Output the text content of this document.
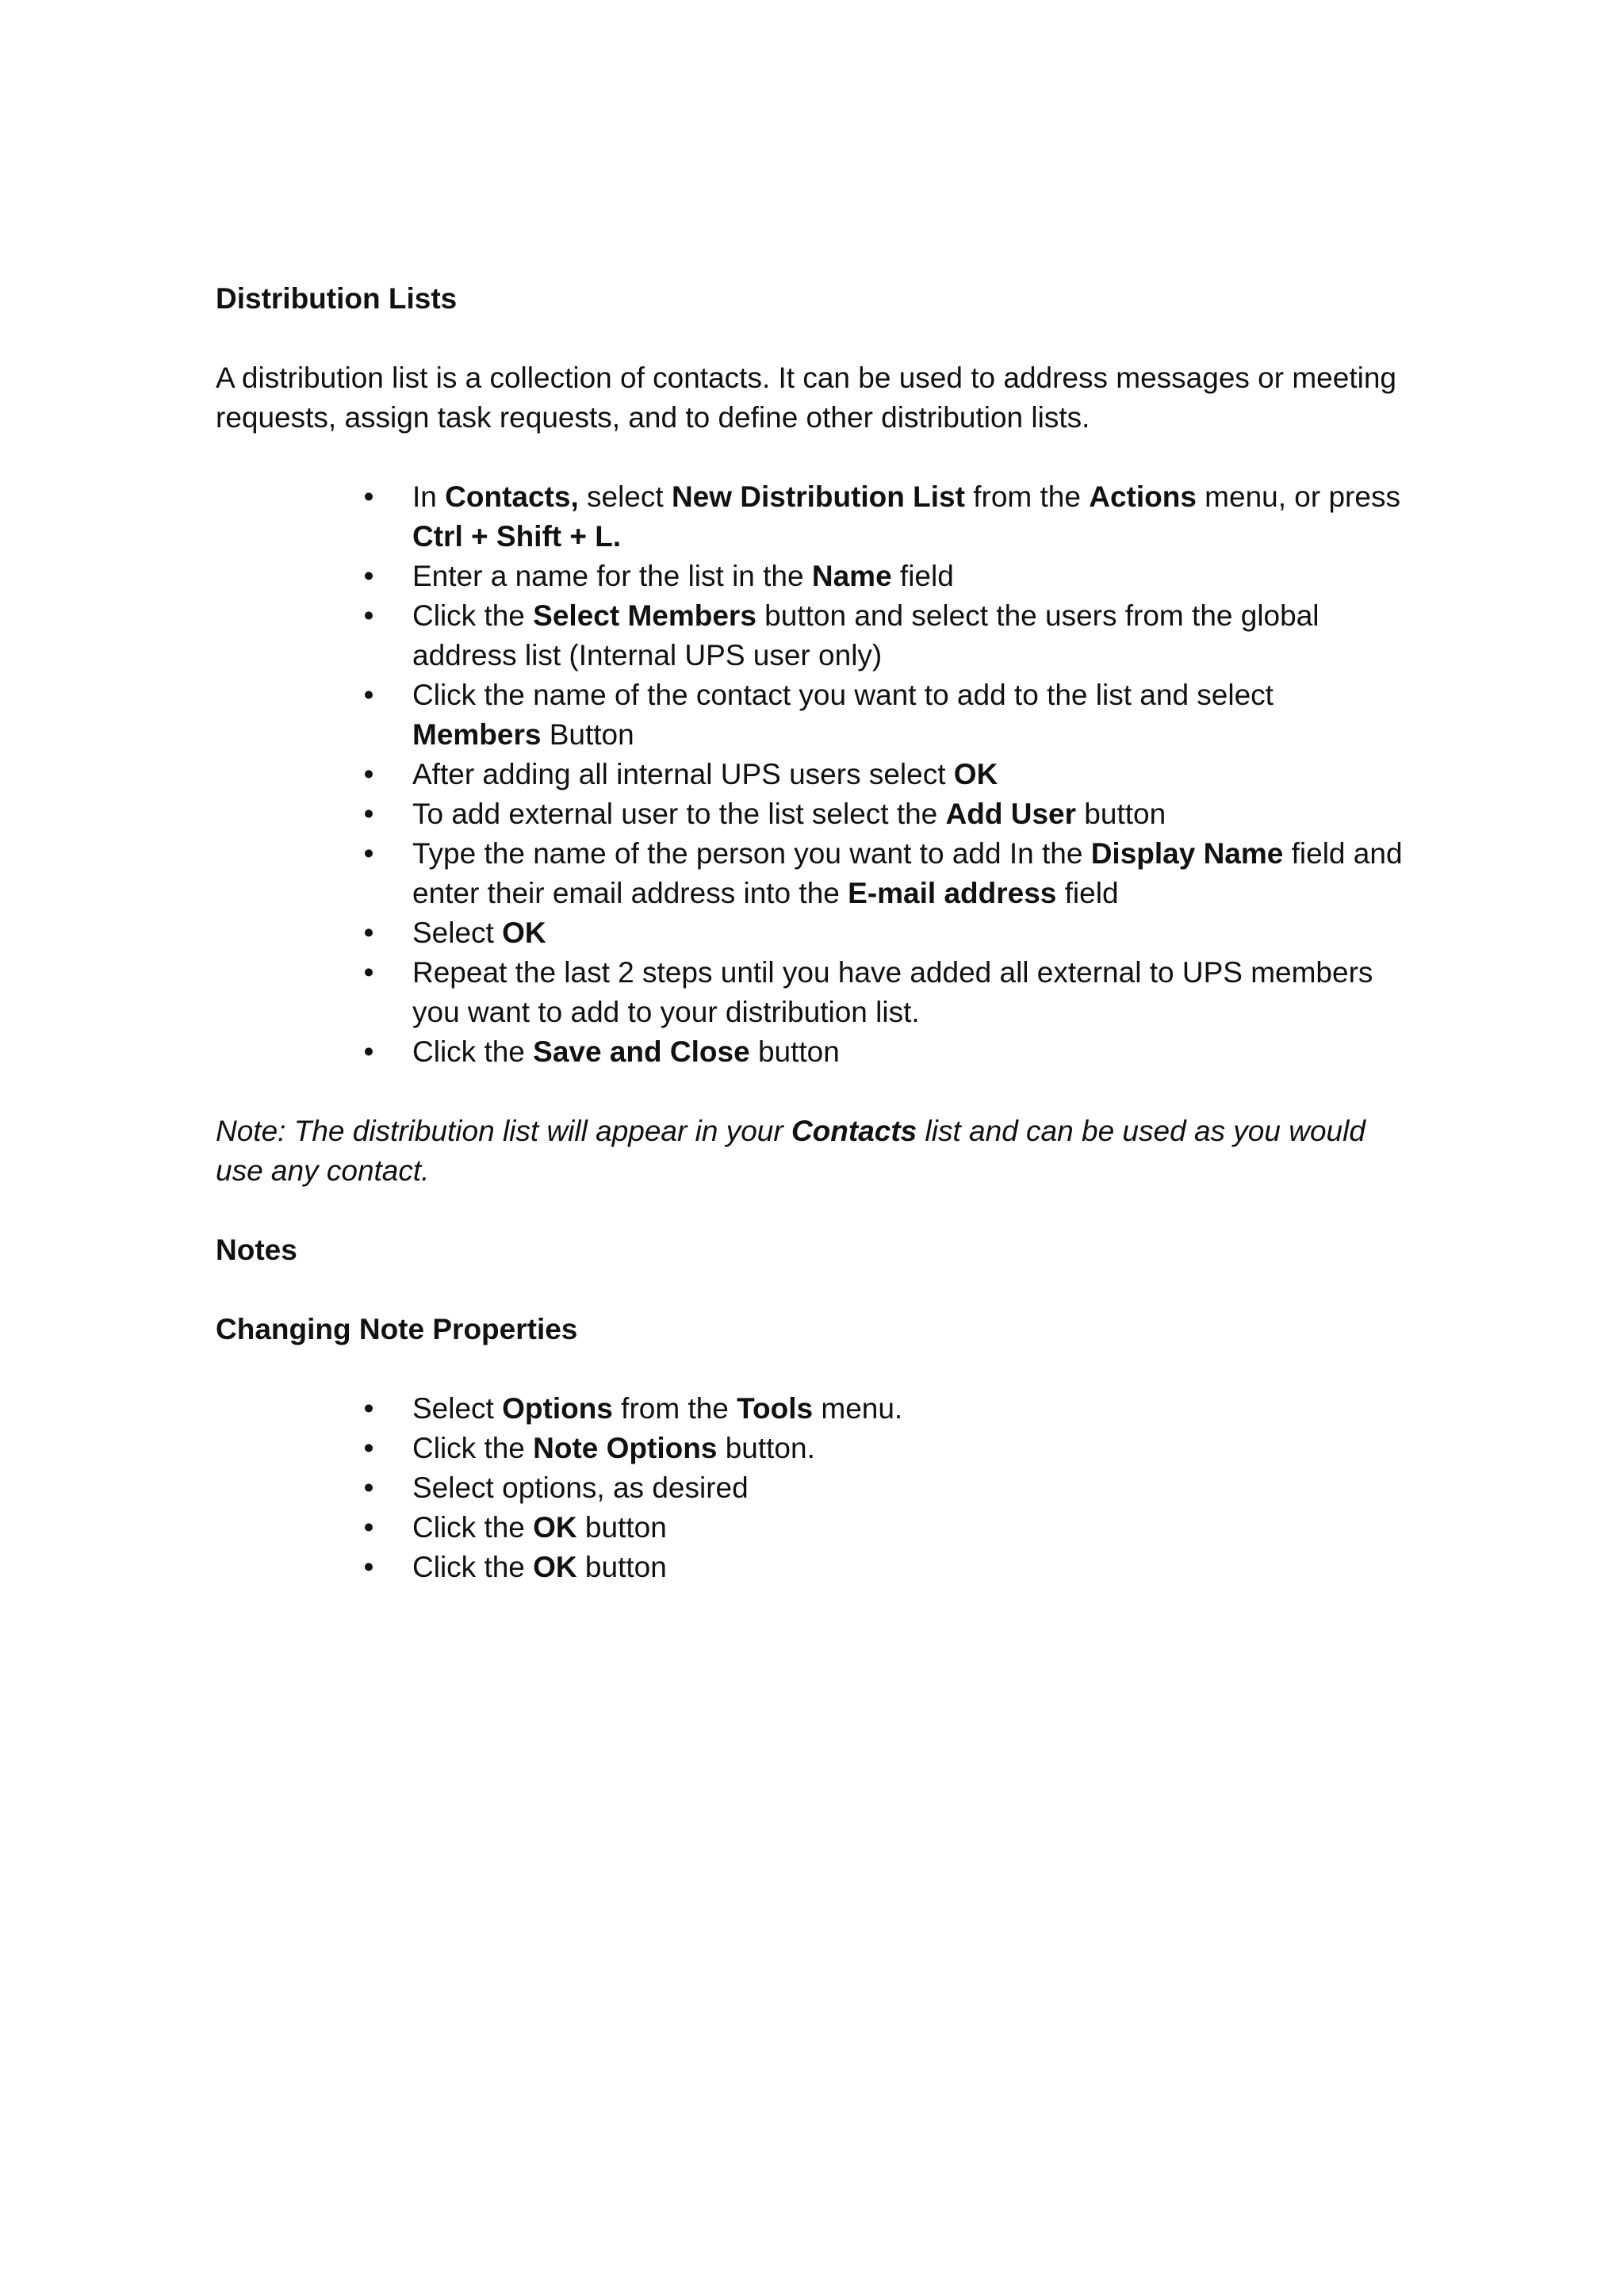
Distribution Lists

A distribution list is a collection of contacts. It can be used to address messages or meeting requests, assign task requests, and to define other distribution lists.

• In Contacts, select New Distribution List from the Actions menu, or press Ctrl + Shift + L.
• Enter a name for the list in the Name field
• Click the Select Members button and select the users from the global address list (Internal UPS user only)
• Click the name of the contact you want to add to the list and select Members Button
• After adding all internal UPS users select OK
• To add external user to the list select the Add User button
• Type the name of the person you want to add In the Display Name field and enter their email address into the E-mail address field
• Select OK
• Repeat the last 2 steps until you have added all external to UPS members you want to add to your distribution list.
• Click the Save and Close button

Note: The distribution list will appear in your Contacts list and can be used as you would use any contact.

Notes

Changing Note Properties

• Select Options from the Tools menu.
• Click the Note Options button.
• Select options, as desired
• Click the OK button
• Click the OK button
